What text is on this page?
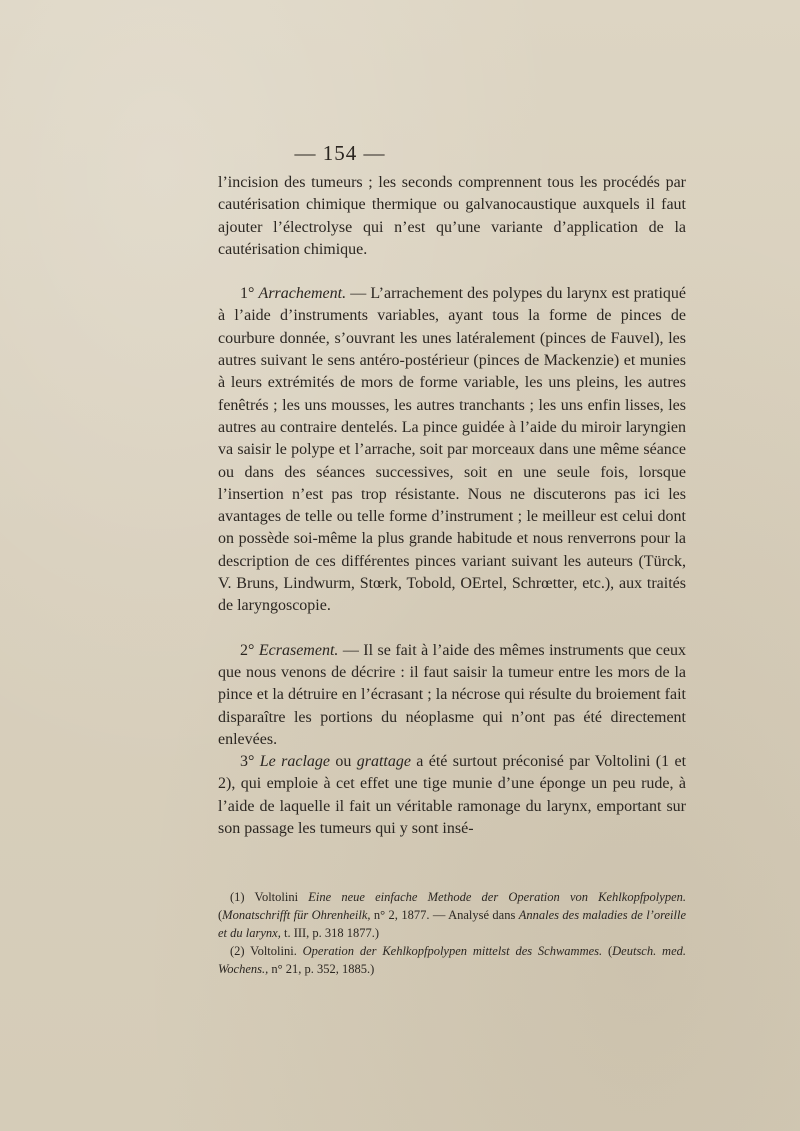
— 154 —

l’incision des tumeurs ; les seconds comprennent tous les procédés par cautérisation chimique thermique ou galvanocaustique auxquels il faut ajouter l’électrolyse qui n’est qu’une variante d’application de la cautérisation chimique.

1° Arrachement. — L’arrachement des polypes du larynx est pratiqué à l’aide d’instruments variables, ayant tous la forme de pinces de courbure donnée, s’ouvrant les unes latéralement (pinces de Fauvel), les autres suivant le sens antéro-postérieur (pinces de Mackenzie) et munies à leurs extrémités de mors de forme variable, les uns pleins, les autres fenêtrés ; les uns mousses, les autres tranchants ; les uns enfin lisses, les autres au contraire dentelés. La pince guidée à l’aide du miroir laryngien va saisir le polype et l’arrache, soit par morceaux dans une même séance ou dans des séances successives, soit en une seule fois, lorsque l’insertion n’est pas trop résistante. Nous ne discuterons pas ici les avantages de telle ou telle forme d’instrument ; le meilleur est celui dont on possède soi-même la plus grande habitude et nous renverrons pour la description de ces différentes pinces variant suivant les auteurs (Türck, V. Bruns, Lindwurm, Stœrk, Tobold, OErtel, Schrœtter, etc.), aux traités de laryngoscopie.

2° Ecrasement. — Il se fait à l’aide des mêmes instruments que ceux que nous venons de décrire : il faut saisir la tumeur entre les mors de la pince et la détruire en l’écrasant ; la nécrose qui résulte du broiement fait disparaître les portions du néoplasme qui n’ont pas été directement enlevées.

3° Le raclage ou grattage a été surtout préconisé par Voltolini (1 et 2), qui emploie à cet effet une tige munie d’une éponge un peu rude, à l’aide de laquelle il fait un véritable ramonage du larynx, emportant sur son passage les tumeurs qui y sont insé-

(1) Voltolini Eine neue einfache Methode der Operation von Kehlkopfpolypen. (Monatschrifft für Ohrenheilk, n° 2, 1877. — Analysé dans Annales des maladies de l’oreille et du larynx, t. III, p. 318 1877.)

(2) Voltolini. Operation der Kehlkopfpolypen mittelst des Schwammes. (Deutsch. med. Wochens., n° 21, p. 352, 1885.)
